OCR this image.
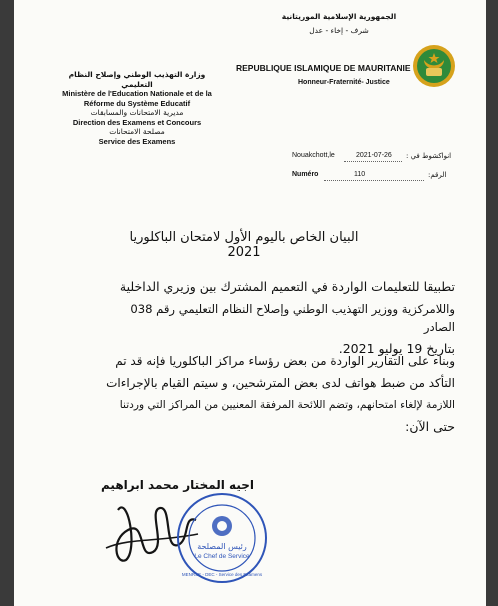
الجمهورية الإسلامية الموريتانية
شرف - إخاء - عدل
REPUBLIQUE ISLAMIQUE DE MAURITANIE
Honneur-Fraternité- Justice
وزارة التهذيب الوطني وإصلاح النظام التعليمي
Ministère de l'Education Nationale et de la
Réforme du Système Educatif
مديرية الامتحانات والمسابقات
Direction des Examens et Concours
مصلحة الامتحانات
Service des Examens
Nouakchott,le	2021-07-26 انواكشوط في :
Numéro	110	الرقم:
البيان الخاص باليوم الأول لامتحان الباكلوريا 2021
تطبيقا للتعليمات الواردة في التعميم المشترك بين وزيري الداخلية
واللامركزية ووزير التهذيب الوطني وإصلاح النظام التعليمي رقم 038 الصادر
بتاريخ 19 يوليو 2021.
وبناء على التقارير الواردة من بعض رؤساء مراكز الباكلوريا فإنه قد تم
التأكد من ضبط هواتف لدى بعض المترشحين، و سيتم القيام بالإجراءات
اللازمة لإلغاء امتحانهم، وتضم اللائحة المرفقة المعنيين من المراكز التي وردتنا
حتى الآن:
اجيه المختار محمد ابراهيم
رئيس المصلحة
Le Chef de Service
MENRSE - DEC - Service des Examens
